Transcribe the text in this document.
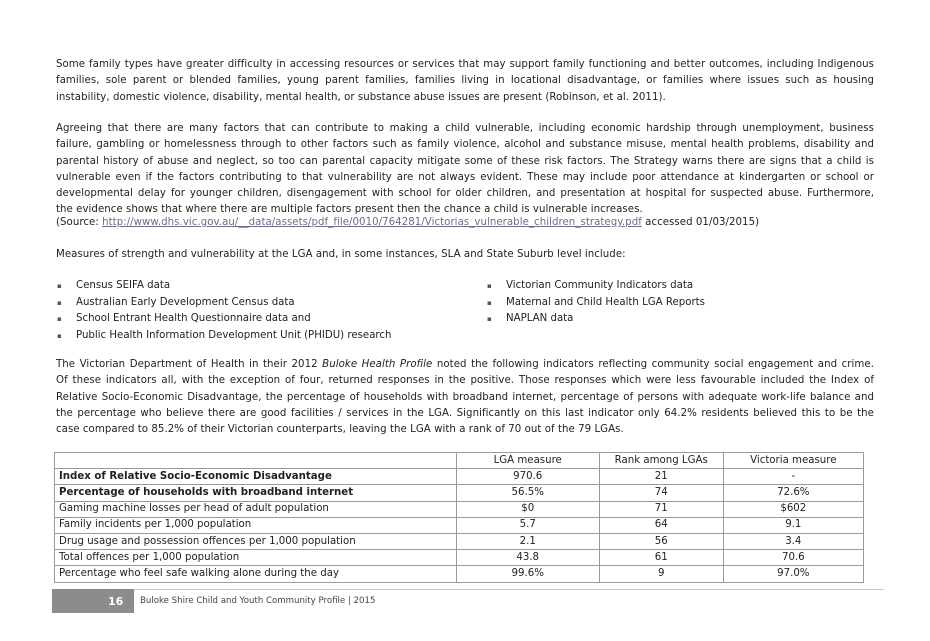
Some family types have greater difficulty in accessing resources or services that may support family functioning and better outcomes, including Indigenous
families, sole parent or blended families, young parent families, families living in locational disadvantage, or families where issues such as housing
instability, domestic violence, disability, mental health, or substance abuse issues are present (Robinson, et al. 2011).
Agreeing that there are many factors that can contribute to making a child vulnerable, including economic hardship through unemployment, business
failure, gambling or homelessness through to other factors such as family violence, alcohol and substance misuse, mental health problems, disability and
parental history of abuse and neglect, so too can parental capacity mitigate some of these risk factors. The Strategy warns there are signs that a child is
vulnerable even if the factors contributing to that vulnerability are not always evident. These may include poor attendance at kindergarten or school or
developmental delay for younger children, disengagement with school for older children, and presentation at hospital for suspected abuse. Furthermore,
the evidence shows that where there are multiple factors present then the chance a child is vulnerable increases.
(Source: http://www.dhs.vic.gov.au/__data/assets/pdf_file/0010/764281/Victorias_vulnerable_children_strategy.pdf accessed 01/03/2015)
Measures of strength and vulnerability at the LGA and, in some instances, SLA and State Suburb level include:
▪ Census SEIFA data
▪ Australian Early Development Census data
▪ School Entrant Health Questionnaire data and
▪ Public Health Information Development Unit (PHIDU) research
▪ Victorian Community Indicators data
▪ Maternal and Child Health LGA Reports
▪ NAPLAN data
The Victorian Department of Health in their 2012 Buloke Health Profile noted the following indicators reflecting community social engagement and crime.
Of these indicators all, with the exception of four, returned responses in the positive. Those responses which were less favourable included the Index of
Relative Socio-Economic Disadvantage, the percentage of households with broadband internet, percentage of persons with adequate work-life balance and
the percentage who believe there are good facilities / services in the LGA. Significantly on this last indicator only 64.2% residents believed this to be the
case compared to 85.2% of their Victorian counterparts, leaving the LGA with a rank of 70 out of the 79 LGAs.
	LGA measure	Rank among LGAs	Victoria measure
Index of Relative Socio-Economic Disadvantage	970.6	21	-
Percentage of households with broadband internet	56.5%	74	72.6%
Gaming machine losses per head of adult population	$0	71	$602
Family incidents per 1,000 population	5.7	64	9.1
Drug usage and possession offences per 1,000 population	2.1	56	3.4
Total offences per 1,000 population	43.8	61	70.6
Percentage who feel safe walking alone during the day	99.6%	9	97.0%
16 Buloke Shire Child and Youth Community Profile | 2015
